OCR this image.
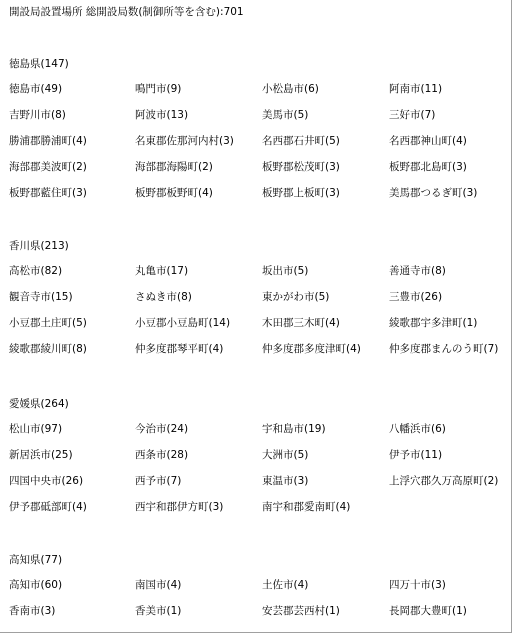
開設局設置場所 総開設局数(制御所等を含む):701
徳島県(147)
徳島市(49)	鳴門市(9)	小松島市(6)	阿南市(11)
吉野川市(8)	阿波市(13)	美馬市(5)	三好市(7)
勝浦郡勝浦町(4)	名東郡佐那河内村(3)	名西郡石井町(5)	名西郡神山町(4)
海部郡美波町(2)	海部郡海陽町(2)	板野郡松茂町(3)	板野郡北島町(3)
板野郡藍住町(3)	板野郡板野町(4)	板野郡上板町(3)	美馬郡つるぎ町(3)
香川県(213)
高松市(82)	丸亀市(17)	坂出市(5)	善通寺市(8)
観音寺市(15)	さぬき市(8)	東かがわ市(5)	三豊市(26)
小豆郡土庄町(5)	小豆郡小豆島町(14)	木田郡三木町(4)	綾歌郡宇多津町(1)
綾歌郡綾川町(8)	仲多度郡琴平町(4)	仲多度郡多度津町(4)	仲多度郡まんのう町(7)
愛媛県(264)
松山市(97)	今治市(24)	宇和島市(19)	八幡浜市(6)
新居浜市(25)	西条市(28)	大洲市(5)	伊予市(11)
四国中央市(26)	西予市(7)	東温市(3)	上浮穴郡久万高原町(2)
伊予郡砥部町(4)	西宇和郡伊方町(3)	南宇和郡愛南町(4)
高知県(77)
高知市(60)	南国市(4)	土佐市(4)	四万十市(3)
香南市(3)	香美市(1)	安芸郡芸西村(1)	長岡郡大豊町(1)
